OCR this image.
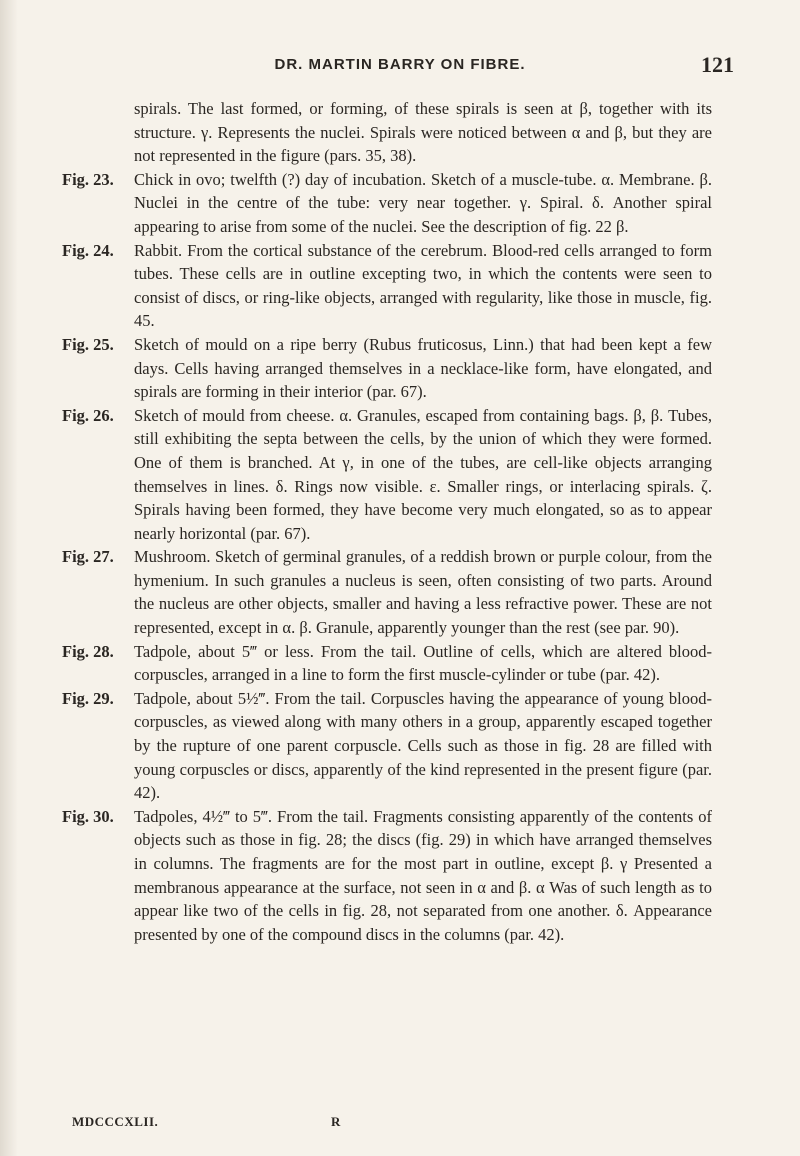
DR. MARTIN BARRY ON FIBRE.	121

spirals. The last formed, or forming, of these spirals is seen at β, together with its structure. γ. Represents the nuclei. Spirals were noticed between α and β, but they are not represented in the figure (pars. 35, 38).

Fig. 23. Chick in ovo; twelfth (?) day of incubation. Sketch of a muscle-tube. α. Membrane. β. Nuclei in the centre of the tube: very near together. γ. Spiral. δ. Another spiral appearing to arise from some of the nuclei. See the description of fig. 22 β.

Fig. 24. Rabbit. From the cortical substance of the cerebrum. Blood-red cells arranged to form tubes. These cells are in outline excepting two, in which the contents were seen to consist of discs, or ring-like objects, arranged with regularity, like those in muscle, fig. 45.

Fig. 25. Sketch of mould on a ripe berry (Rubus fruticosus, Linn.) that had been kept a few days. Cells having arranged themselves in a necklace-like form, have elongated, and spirals are forming in their interior (par. 67).

Fig. 26. Sketch of mould from cheese. α. Granules, escaped from containing bags. β, β. Tubes, still exhibiting the septa between the cells, by the union of which they were formed. One of them is branched. At γ, in one of the tubes, are cell-like objects arranging themselves in lines. δ. Rings now visible. ε. Smaller rings, or interlacing spirals. ζ. Spirals having been formed, they have become very much elongated, so as to appear nearly horizontal (par. 67).

Fig. 27. Mushroom. Sketch of germinal granules, of a reddish brown or purple colour, from the hymenium. In such granules a nucleus is seen, often consisting of two parts. Around the nucleus are other objects, smaller and having a less refractive power. These are not represented, except in α. β. Granule, apparently younger than the rest (see par. 90).

Fig. 28. Tadpole, about 5‴ or less. From the tail. Outline of cells, which are altered blood-corpuscles, arranged in a line to form the first muscle-cylinder or tube (par. 42).

Fig. 29. Tadpole, about 5½‴. From the tail. Corpuscles having the appearance of young blood-corpuscles, as viewed along with many others in a group, apparently escaped together by the rupture of one parent corpuscle. Cells such as those in fig. 28 are filled with young corpuscles or discs, apparently of the kind represented in the present figure (par. 42).

Fig. 30. Tadpoles, 4½‴ to 5‴. From the tail. Fragments consisting apparently of the contents of objects such as those in fig. 28; the discs (fig. 29) in which have arranged themselves in columns. The fragments are for the most part in outline, except β. γ Presented a membranous appearance at the surface, not seen in α and β. α Was of such length as to appear like two of the cells in fig. 28, not separated from one another. δ. Appearance presented by one of the compound discs in the columns (par. 42).

MDCCCXLII.	R
